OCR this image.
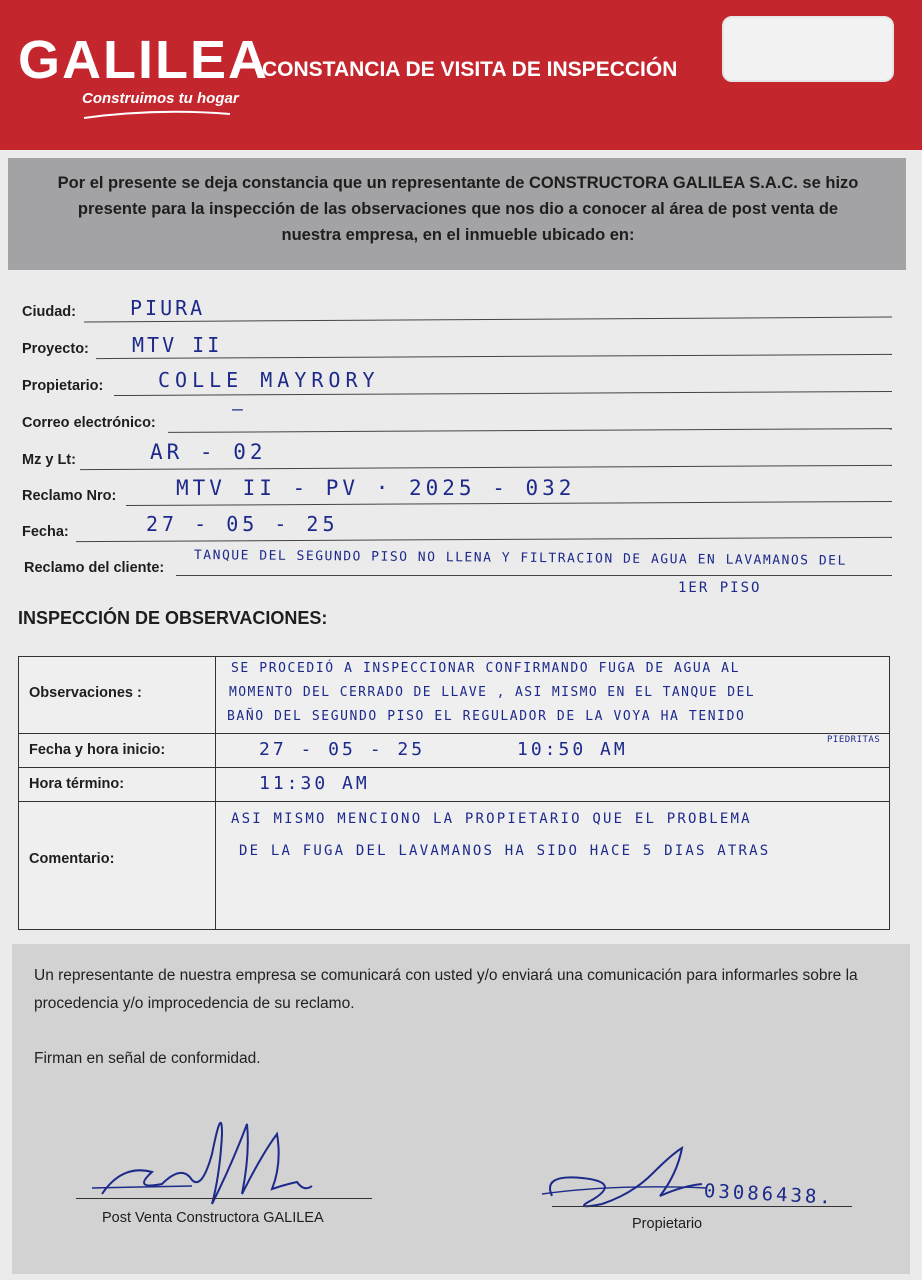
GALILEA
Construimos tu hogar
CONSTANCIA DE VISITA DE INSPECCIÓN
Por el presente se deja constancia que un representante de CONSTRUCTORA GALILEA S.A.C. se hizo presente para la inspección de las observaciones que nos dio a conocer al área de post venta de nuestra empresa, en el inmueble ubicado en:
Ciudad:	PIURA
Proyecto: MTV II
Propietario:	COLLE MAYRORY
Correo electrónico:
—
Mz y Lt:	AR - 02
Reclamo Nro:	MTV II - PV · 2025 - 032
Fecha:	27 - 05 - 25
Reclamo del cliente: TANQUE DEL SEGUNDO PISO NO LLENA Y FILTRACION DE AGUA EN LAVAMANOS DEL
1ER PISO
INSPECCIÓN DE OBSERVACIONES:
Observaciones :
SE PROCEDIÓ A INSPECCIONAR CONFIRMANDO FUGA DE AGUA AL
MOMENTO DEL CERRADO DE LLAVE , ASI MISMO EN EL TANQUE DEL
BAÑO DEL SEGUNDO PISO EL REGULADOR DE LA VOYA HA TENIDO
PIEDRITAS
Fecha y hora inicio:	27 - 05 - 25	10:50 AM
Hora término:	11:30 AM
Comentario:
ASI MISMO MENCIONO LA PROPIETARIO QUE EL PROBLEMA
DE LA FUGA DEL LAVAMANOS HA SIDO HACE 5 DIAS ATRAS
Un representante de nuestra empresa se comunicará con usted y/o enviará una comunicación para informarles sobre la procedencia y/o improcedencia de su reclamo.
Firman en señal de conformidad.
Post Venta Constructora GALILEA
03086438.
Propietario
